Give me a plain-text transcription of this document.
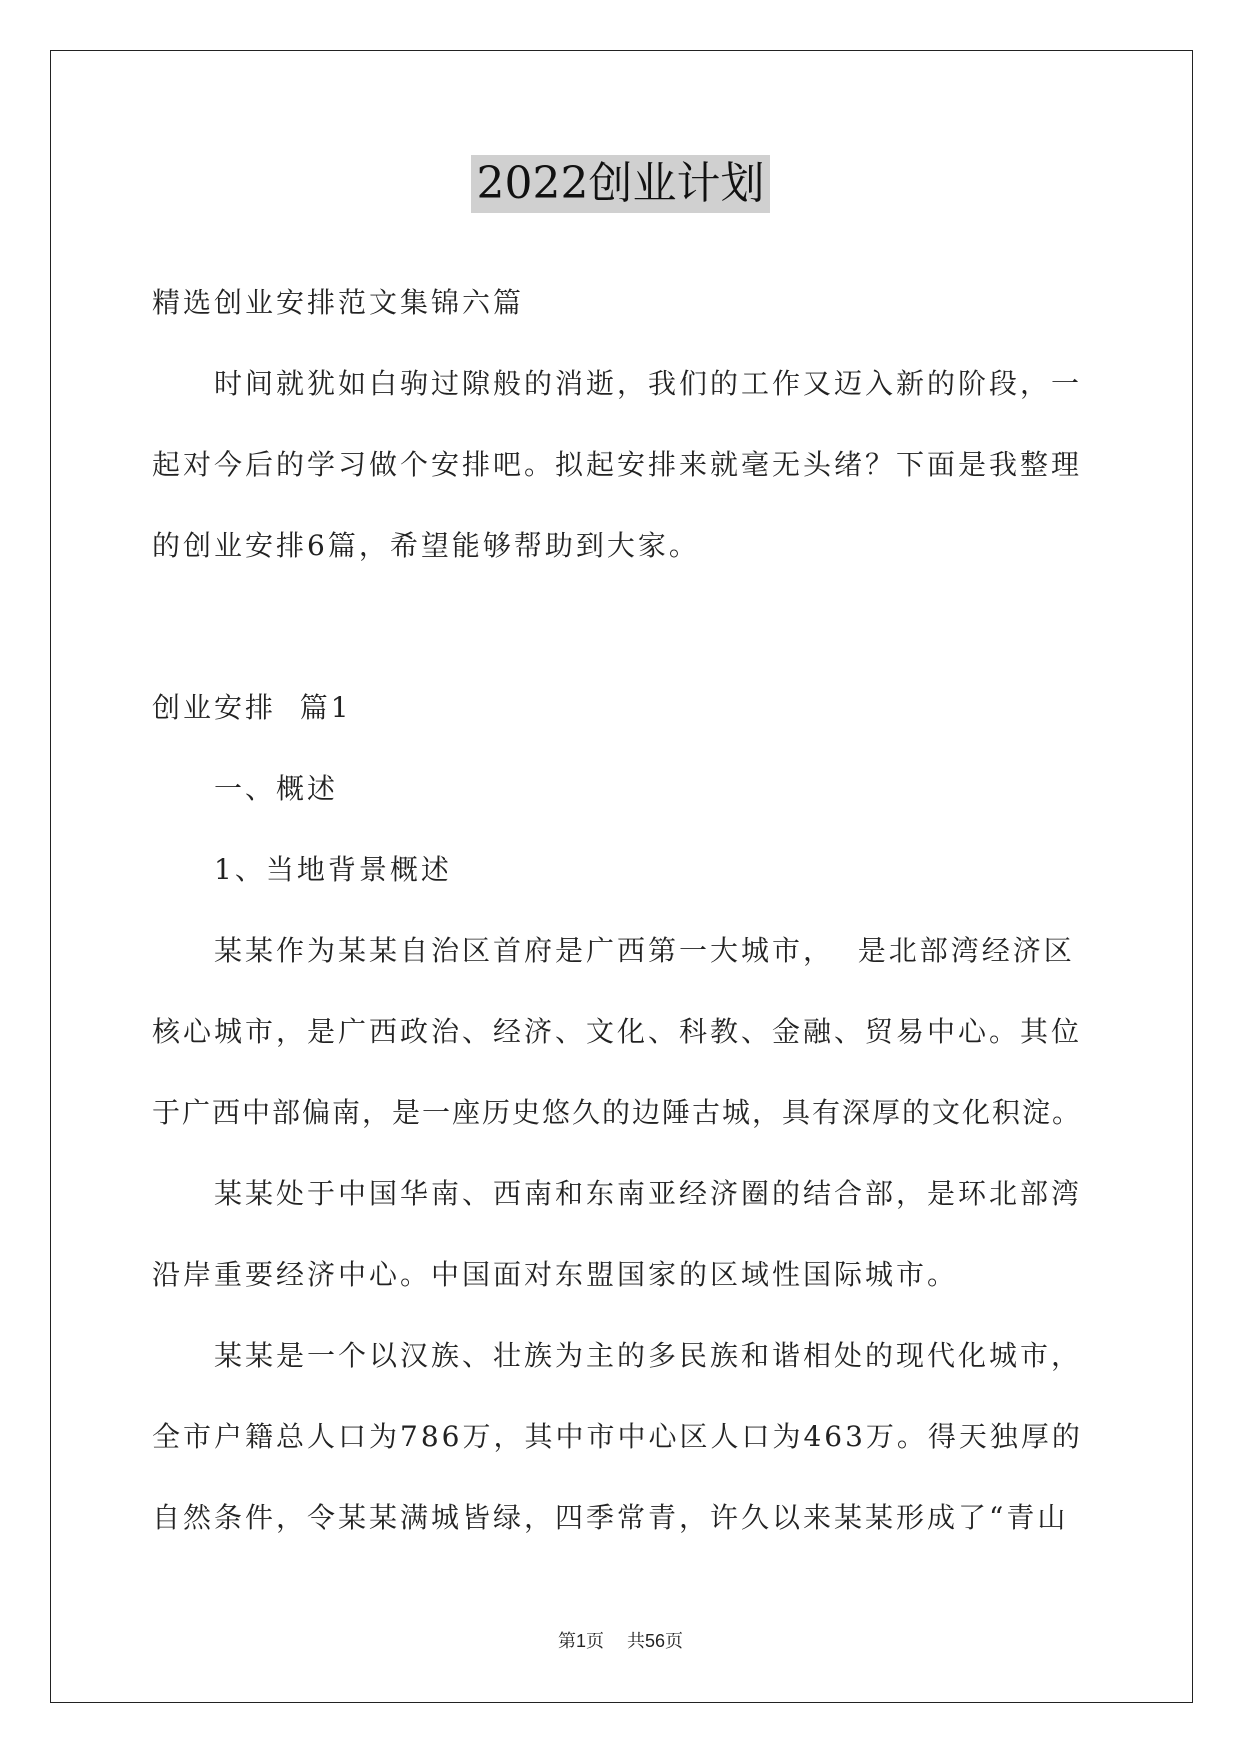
2022创业计划
精选创业安排范文集锦六篇
时间就犹如白驹过隙般的消逝，我们的工作又迈入新的阶段，一
起对今后的学习做个安排吧。拟起安排来就毫无头绪？下面是我整理
的创业安排6篇，希望能够帮助到大家。
创业安排  篇1
一、概述
1、当地背景概述
某某作为某某自治区首府是广西第一大城市，  是北部湾经济区
核心城市，是广西政治、经济、文化、科教、金融、贸易中心。其位
于广西中部偏南，是一座历史悠久的边陲古城，具有深厚的文化积淀。
某某处于中国华南、西南和东南亚经济圈的结合部，是环北部湾
沿岸重要经济中心。中国面对东盟国家的区域性国际城市。
某某是一个以汉族、壮族为主的多民族和谐相处的现代化城市，
全市户籍总人口为786万，其中市中心区人口为463万。得天独厚的
自然条件，令某某满城皆绿，四季常青，许久以来某某形成了“青山
第1页 共56页
